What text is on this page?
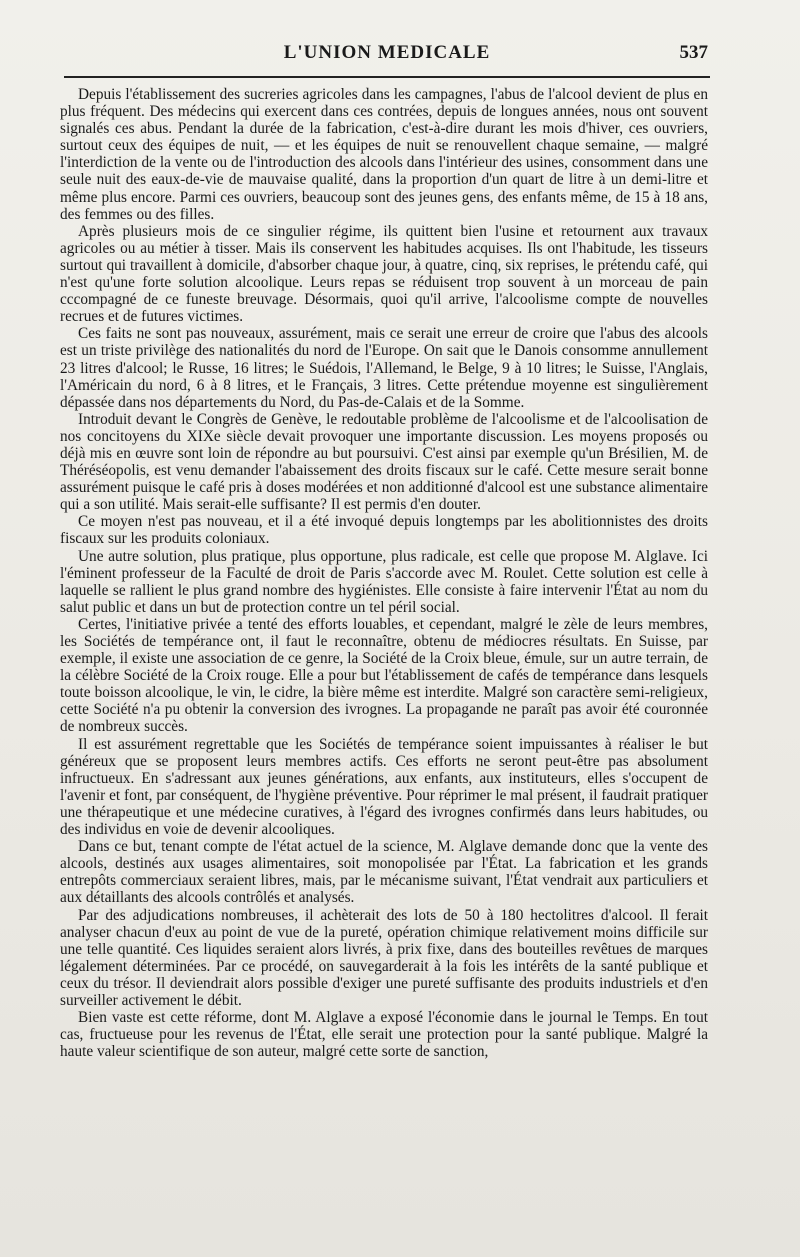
L'UNION MEDICALE	537

Depuis l'établissement des sucreries agricoles dans les campagnes, l'abus de l'alcool devient de plus en plus fréquent. Des médecins qui exercent dans ces contrées, depuis de longues années, nous ont souvent signalés ces abus. Pendant la durée de la fabrication, c'est-à-dire durant les mois d'hiver, ces ouvriers, surtout ceux des équipes de nuit, — et les équipes de nuit se renouvellent chaque semaine, — malgré l'interdiction de la vente ou de l'introduction des alcools dans l'intérieur des usines, consomment dans une seule nuit des eaux-de-vie de mauvaise qualité, dans la proportion d'un quart de litre à un demi-litre et même plus encore. Parmi ces ouvriers, beaucoup sont des jeunes gens, des enfants même, de 15 à 18 ans, des femmes ou des filles.

Après plusieurs mois de ce singulier régime, ils quittent bien l'usine et retournent aux travaux agricoles ou au métier à tisser. Mais ils conservent les habitudes acquises. Ils ont l'habitude, les tisseurs surtout qui travaillent à domicile, d'absorber chaque jour, à quatre, cinq, six reprises, le prétendu café, qui n'est qu'une forte solution alcoolique. Leurs repas se réduisent trop souvent à un morceau de pain cccompagné de ce funeste breuvage. Désormais, quoi qu'il arrive, l'alcoolisme compte de nouvelles recrues et de futures victimes.

Ces faits ne sont pas nouveaux, assurément, mais ce serait une erreur de croire que l'abus des alcools est un triste privilège des nationalités du nord de l'Europe. On sait que le Danois consomme annullement 23 litres d'alcool; le Russe, 16 litres; le Suédois, l'Allemand, le Belge, 9 à 10 litres; le Suisse, l'Anglais, l'Américain du nord, 6 à 8 litres, et le Français, 3 litres. Cette prétendue moyenne est singulièrement dépassée dans nos départements du Nord, du Pas-de-Calais et de la Somme.

Introduit devant le Congrès de Genève, le redoutable problème de l'alcoolisme et de l'alcoolisation de nos concitoyens du XIXe siècle devait provoquer une importante discussion. Les moyens proposés ou déjà mis en œuvre sont loin de répondre au but poursuivi. C'est ainsi par exemple qu'un Brésilien, M. de Théréséopolis, est venu demander l'abaissement des droits fiscaux sur le café. Cette mesure serait bonne assurément puisque le café pris à doses modérées et non additionné d'alcool est une substance alimentaire qui a son utilité. Mais serait-elle suffisante? Il est permis d'en douter.

Ce moyen n'est pas nouveau, et il a été invoqué depuis longtemps par les abolitionnistes des droits fiscaux sur les produits coloniaux.

Une autre solution, plus pratique, plus opportune, plus radicale, est celle que propose M. Alglave. Ici l'éminent professeur de la Faculté de droit de Paris s'accorde avec M. Roulet. Cette solution est celle à laquelle se rallient le plus grand nombre des hygiénistes. Elle consiste à faire intervenir l'État au nom du salut public et dans un but de protection contre un tel péril social.

Certes, l'initiative privée a tenté des efforts louables, et cependant, malgré le zèle de leurs membres, les Sociétés de tempérance ont, il faut le reconnaître, obtenu de médiocres résultats. En Suisse, par exemple, il existe une association de ce genre, la Société de la Croix bleue, émule, sur un autre terrain, de la célèbre Société de la Croix rouge. Elle a pour but l'établissement de cafés de tempérance dans lesquels toute boisson alcoolique, le vin, le cidre, la bière même est interdite. Malgré son caractère semi-religieux, cette Société n'a pu obtenir la conversion des ivrognes. La propagande ne paraît pas avoir été couronnée de nombreux succès.

Il est assurément regrettable que les Sociétés de tempérance soient impuissantes à réaliser le but généreux que se proposent leurs membres actifs. Ces efforts ne seront peut-être pas absolument infructueux. En s'adressant aux jeunes générations, aux enfants, aux instituteurs, elles s'occupent de l'avenir et font, par conséquent, de l'hygiène préventive. Pour réprimer le mal présent, il faudrait pratiquer une thérapeutique et une médecine curatives, à l'égard des ivrognes confirmés dans leurs habitudes, ou des individus en voie de devenir alcooliques.

Dans ce but, tenant compte de l'état actuel de la science, M. Alglave demande donc que la vente des alcools, destinés aux usages alimentaires, soit monopolisée par l'État. La fabrication et les grands entrepôts commerciaux seraient libres, mais, par le mécanisme suivant, l'État vendrait aux particuliers et aux détaillants des alcools contrôlés et analysés.

Par des adjudications nombreuses, il achèterait des lots de 50 à 180 hectolitres d'alcool. Il ferait analyser chacun d'eux au point de vue de la pureté, opération chimique relativement moins difficile sur une telle quantité. Ces liquides seraient alors livrés, à prix fixe, dans des bouteilles revêtues de marques légalement déterminées. Par ce procédé, on sauvegarderait à la fois les intérêts de la santé publique et ceux du trésor. Il deviendrait alors possible d'exiger une pureté suffisante des produits industriels et d'en surveiller activement le débit.

Bien vaste est cette réforme, dont M. Alglave a exposé l'économie dans le journal le Temps. En tout cas, fructueuse pour les revenus de l'État, elle serait une protection pour la santé publique. Malgré la haute valeur scientifique de son auteur, malgré cette sorte de sanction,
